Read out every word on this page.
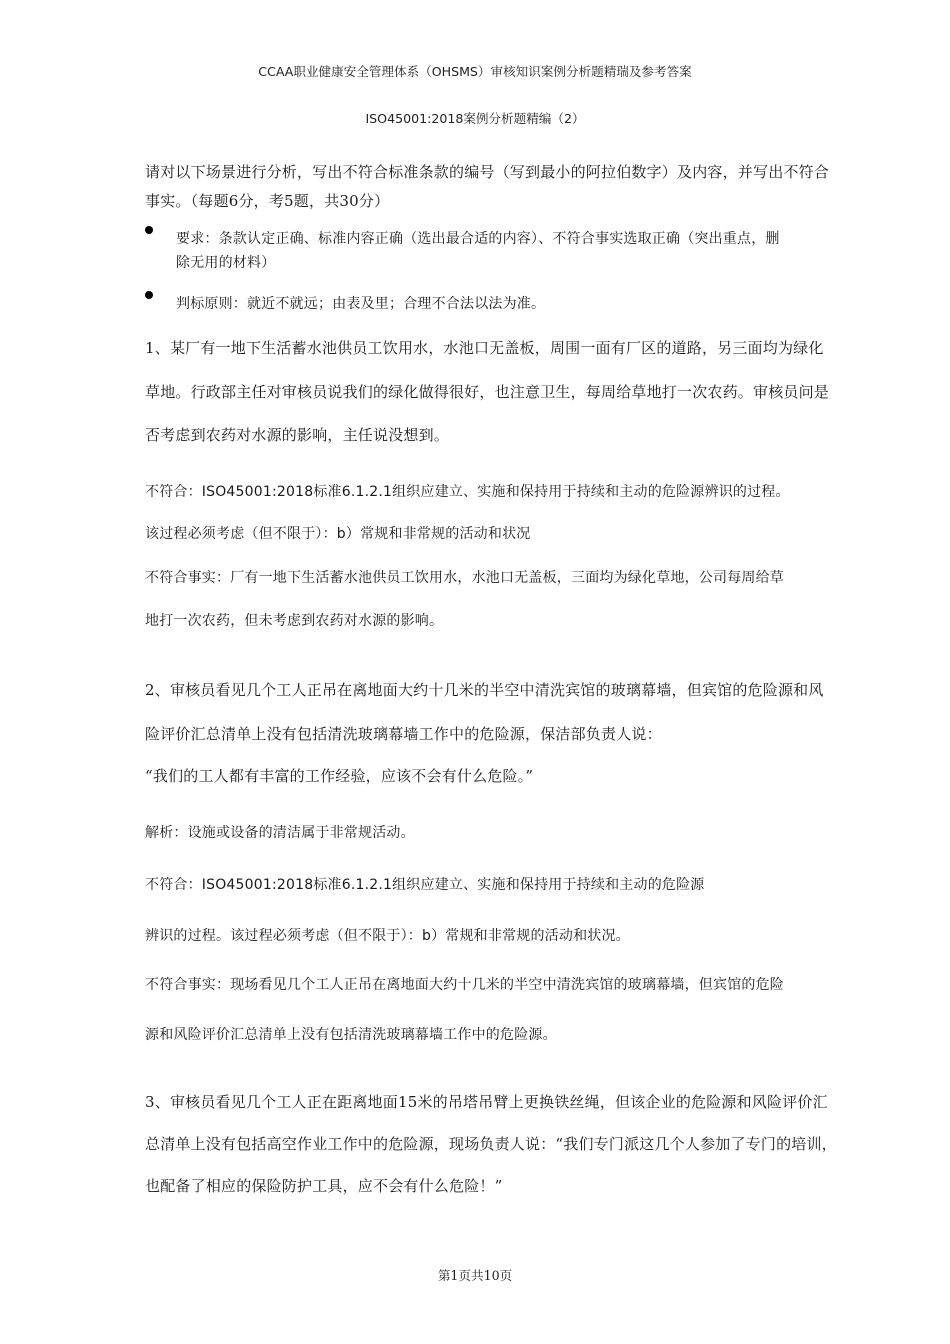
CCAA职业健康安全管理体系（OHSMS）审核知识案例分析题精瑞及参考答案
ISO45001:2018案例分析题精编（2）
请对以下场景进行分析，写出不符合标准条款的编号（写到最小的阿拉伯数字）及内容，并写出不符合
事实。（每题6分，考5题，共30分）
要求：条款认定正确、标准内容正确（选出最合适的内容）、不符合事实选取正确（突出重点，删
除无用的材料）
判标原则：就近不就远；由表及里；合理不合法以法为准。
1、某厂有一地下生活蓄水池供员工饮用水，水池口无盖板，周围一面有厂区的道路，另三面均为绿化
草地。行政部主任对审核员说我们的绿化做得很好，也注意卫生，每周给草地打一次农药。审核员问是
否考虑到农药对水源的影响，主任说没想到。
不符合：ISO45001:2018标准6.1.2.1组织应建立、实施和保持用于持续和主动的危险源辨识的过程。
该过程必须考虑（但不限于）：b）常规和非常规的活动和状况
不符合事实：厂有一地下生活蓄水池供员工饮用水，水池口无盖板，三面均为绿化草地，公司每周给草
地打一次农药，但未考虑到农药对水源的影响。
2、审核员看见几个工人正吊在离地面大约十几米的半空中清洗宾馆的玻璃幕墙，但宾馆的危险源和风
险评价汇总清单上没有包括清洗玻璃幕墙工作中的危险源，保洁部负责人说：
“我们的工人都有丰富的工作经验，应该不会有什么危险。”
解析：设施或设备的清洁属于非常规活动。
不符合：ISO45001:2018标准6.1.2.1组织应建立、实施和保持用于持续和主动的危险源
辨识的过程。该过程必须考虑（但不限于）：b）常规和非常规的活动和状况。
不符合事实：现场看见几个工人正吊在离地面大约十几米的半空中清洗宾馆的玻璃幕墙，但宾馆的危险
源和风险评价汇总清单上没有包括清洗玻璃幕墙工作中的危险源。
3、审核员看见几个工人正在距离地面15米的吊塔吊臂上更换铁丝绳，但该企业的危险源和风险评价汇
总清单上没有包括高空作业工作中的危险源，现场负责人说：“我们专门派这几个人参加了专门的培训，
也配备了相应的保险防护工具，应不会有什么危险！”
第1页共10页
